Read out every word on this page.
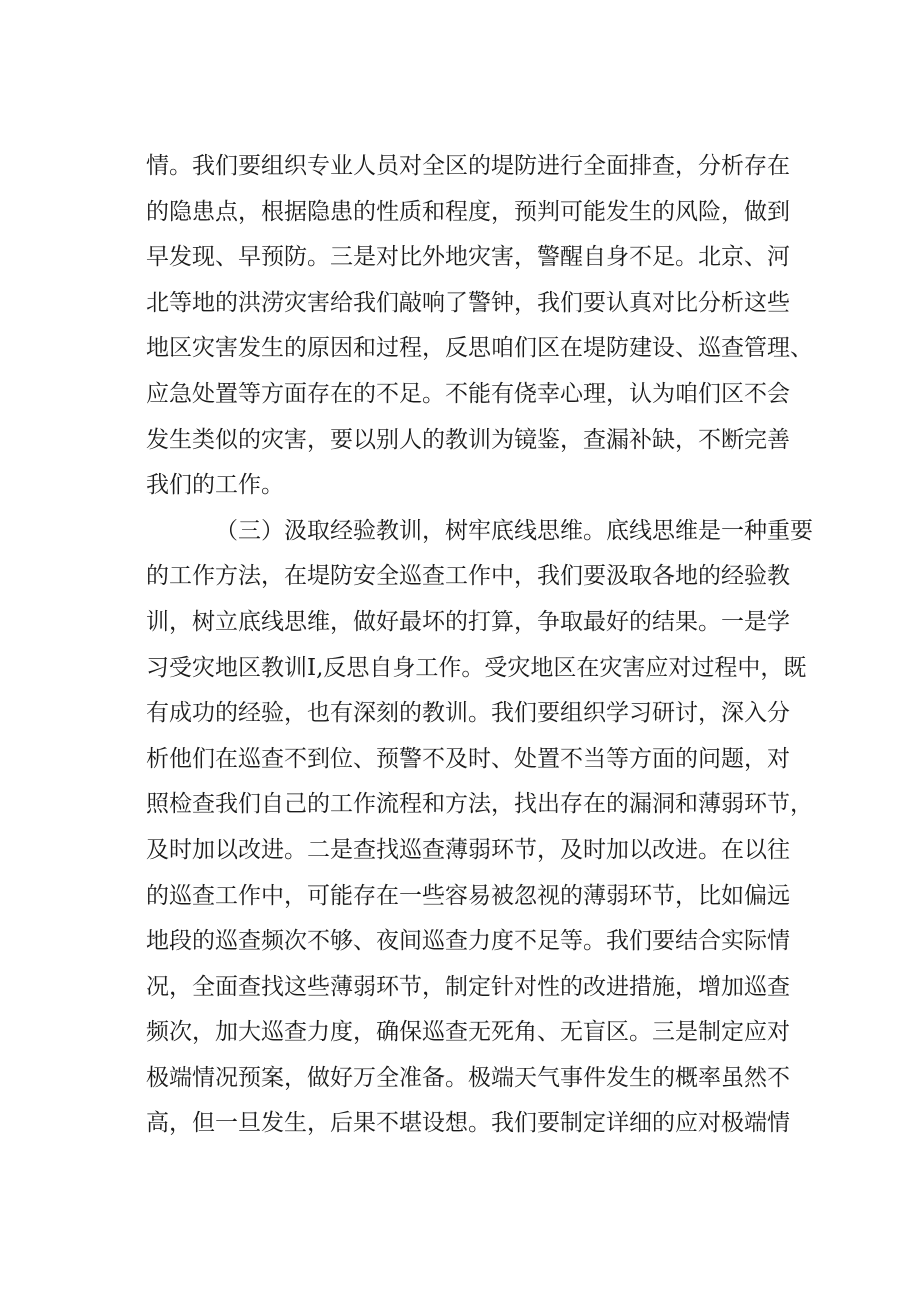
情。我们要组织专业人员对全区的堤防进行全面排查，分析存在

的隐患点，根据隐患的性质和程度，预判可能发生的风险，做到

早发现、早预防。三是对比外地灾害，警醒自身不足。北京、河

北等地的洪涝灾害给我们敲响了警钟，我们要认真对比分析这些

地区灾害发生的原因和过程，反思咱们区在堤防建设、巡查管理、

应急处置等方面存在的不足。不能有侥幸心理，认为咱们区不会

发生类似的灾害，要以别人的教训为镜鉴，查漏补缺，不断完善

我们的工作。

（三）汲取经验教训，树牢底线思维。底线思维是一种重要

的工作方法，在堤防安全巡查工作中，我们要汲取各地的经验教

训，树立底线思维，做好最坏的打算，争取最好的结果。一是学

习受灾地区教训I,反思自身工作。受灾地区在灾害应对过程中，既

有成功的经验，也有深刻的教训。我们要组织学习研讨，深入分

析他们在巡查不到位、预警不及时、处置不当等方面的问题，对

照检查我们自己的工作流程和方法，找出存在的漏洞和薄弱环节，

及时加以改进。二是查找巡查薄弱环节，及时加以改进。在以往

的巡查工作中，可能存在一些容易被忽视的薄弱环节，比如偏远

地段的巡查频次不够、夜间巡查力度不足等。我们要结合实际情

况，全面查找这些薄弱环节，制定针对性的改进措施，增加巡查

频次，加大巡查力度，确保巡查无死角、无盲区。三是制定应对

极端情况预案，做好万全准备。极端天气事件发生的概率虽然不

高，但一旦发生，后果不堪设想。我们要制定详细的应对极端情
